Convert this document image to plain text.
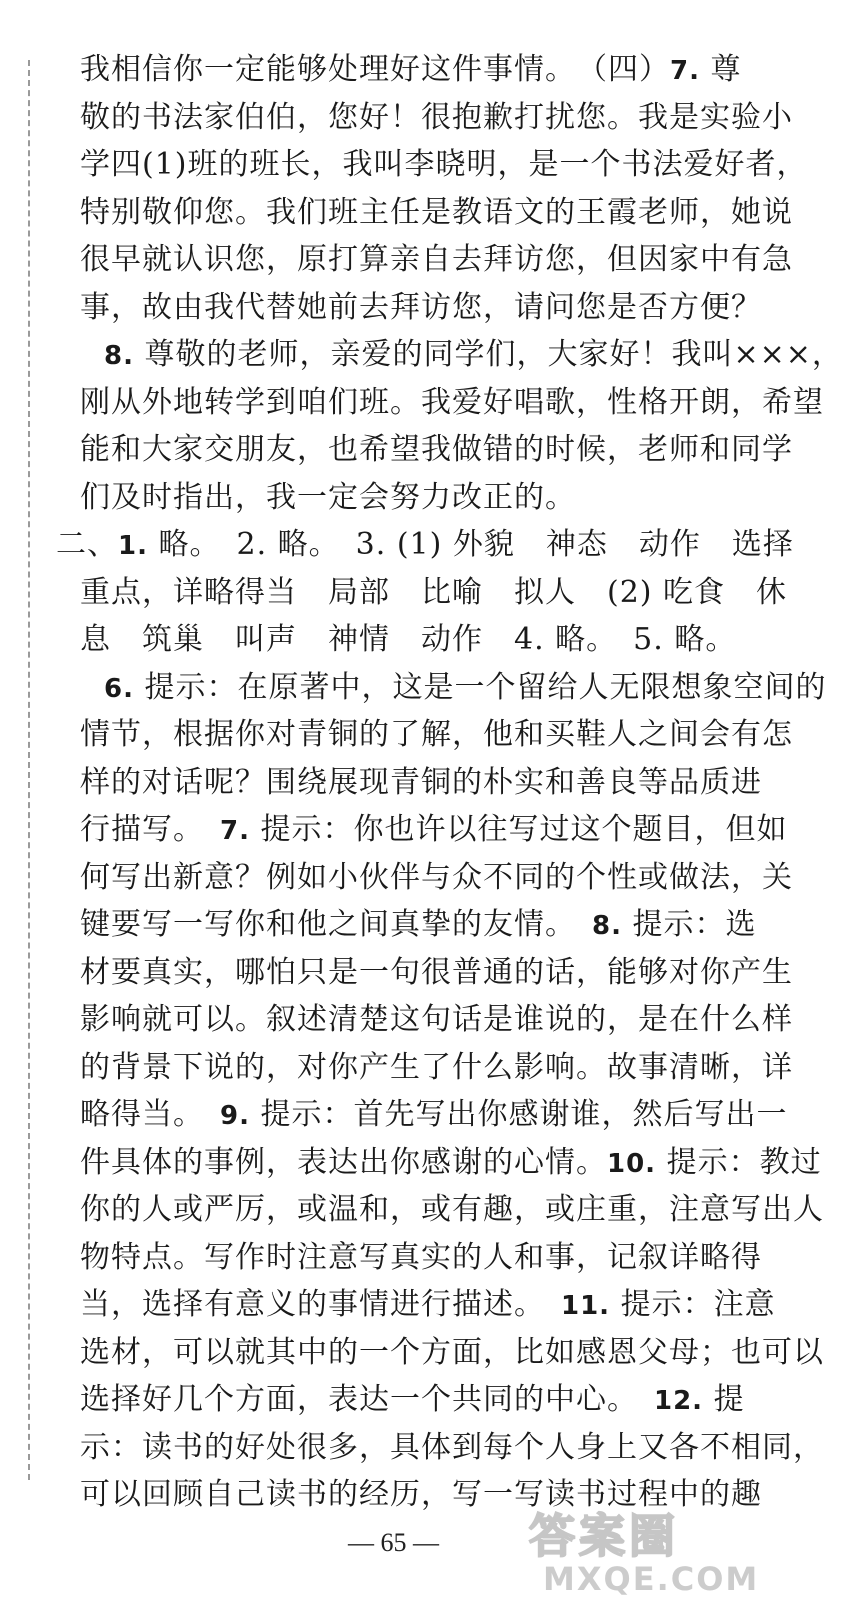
我相信你一定能够处理好这件事情。　（四）7. 尊
敬的书法家伯伯，您好！很抱歉打扰您。我是实验小
学四(1)班的班长，我叫李晓明，是一个书法爱好者，
特别敬仰您。我们班主任是教语文的王霞老师，她说
很早就认识您，原打算亲自去拜访您，但因家中有急
事，故由我代替她前去拜访您，请问您是否方便？
8. 尊敬的老师，亲爱的同学们，大家好！我叫×××，
刚从外地转学到咱们班。我爱好唱歌，性格开朗，希望
能和大家交朋友，也希望我做错的时候，老师和同学
们及时指出，我一定会努力改正的。
二、1. 略。　2. 略。　3. (1) 外貌　神态　动作　选择
重点，详略得当　局部　比喻　拟人　(2) 吃食　休
息　筑巢　叫声　神情　动作　4. 略。　5. 略。
6. 提示：在原著中，这是一个留给人无限想象空间的
情节，根据你对青铜的了解，他和买鞋人之间会有怎
样的对话呢？围绕展现青铜的朴实和善良等品质进
行描写。　7. 提示：你也许以往写过这个题目，但如
何写出新意？例如小伙伴与众不同的个性或做法，关
键要写一写你和他之间真挚的友情。　8. 提示：选
材要真实，哪怕只是一句很普通的话，能够对你产生
影响就可以。叙述清楚这句话是谁说的，是在什么样
的背景下说的，对你产生了什么影响。故事清晰，详
略得当。　9. 提示：首先写出你感谢谁，然后写出一
件具体的事例，表达出你感谢的心情。10. 提示：教过
你的人或严厉，或温和，或有趣，或庄重，注意写出人
物特点。写作时注意写真实的人和事，记叙详略得
当，选择有意义的事情进行描述。　11. 提示：注意
选材，可以就其中的一个方面，比如感恩父母；也可以
选择好几个方面，表达一个共同的中心。　12. 提
示：读书的好处很多，具体到每个人身上又各不相同，
可以回顾自己读书的经历，写一写读书过程中的趣
— 65 —	答案圈
MXQE.COM
